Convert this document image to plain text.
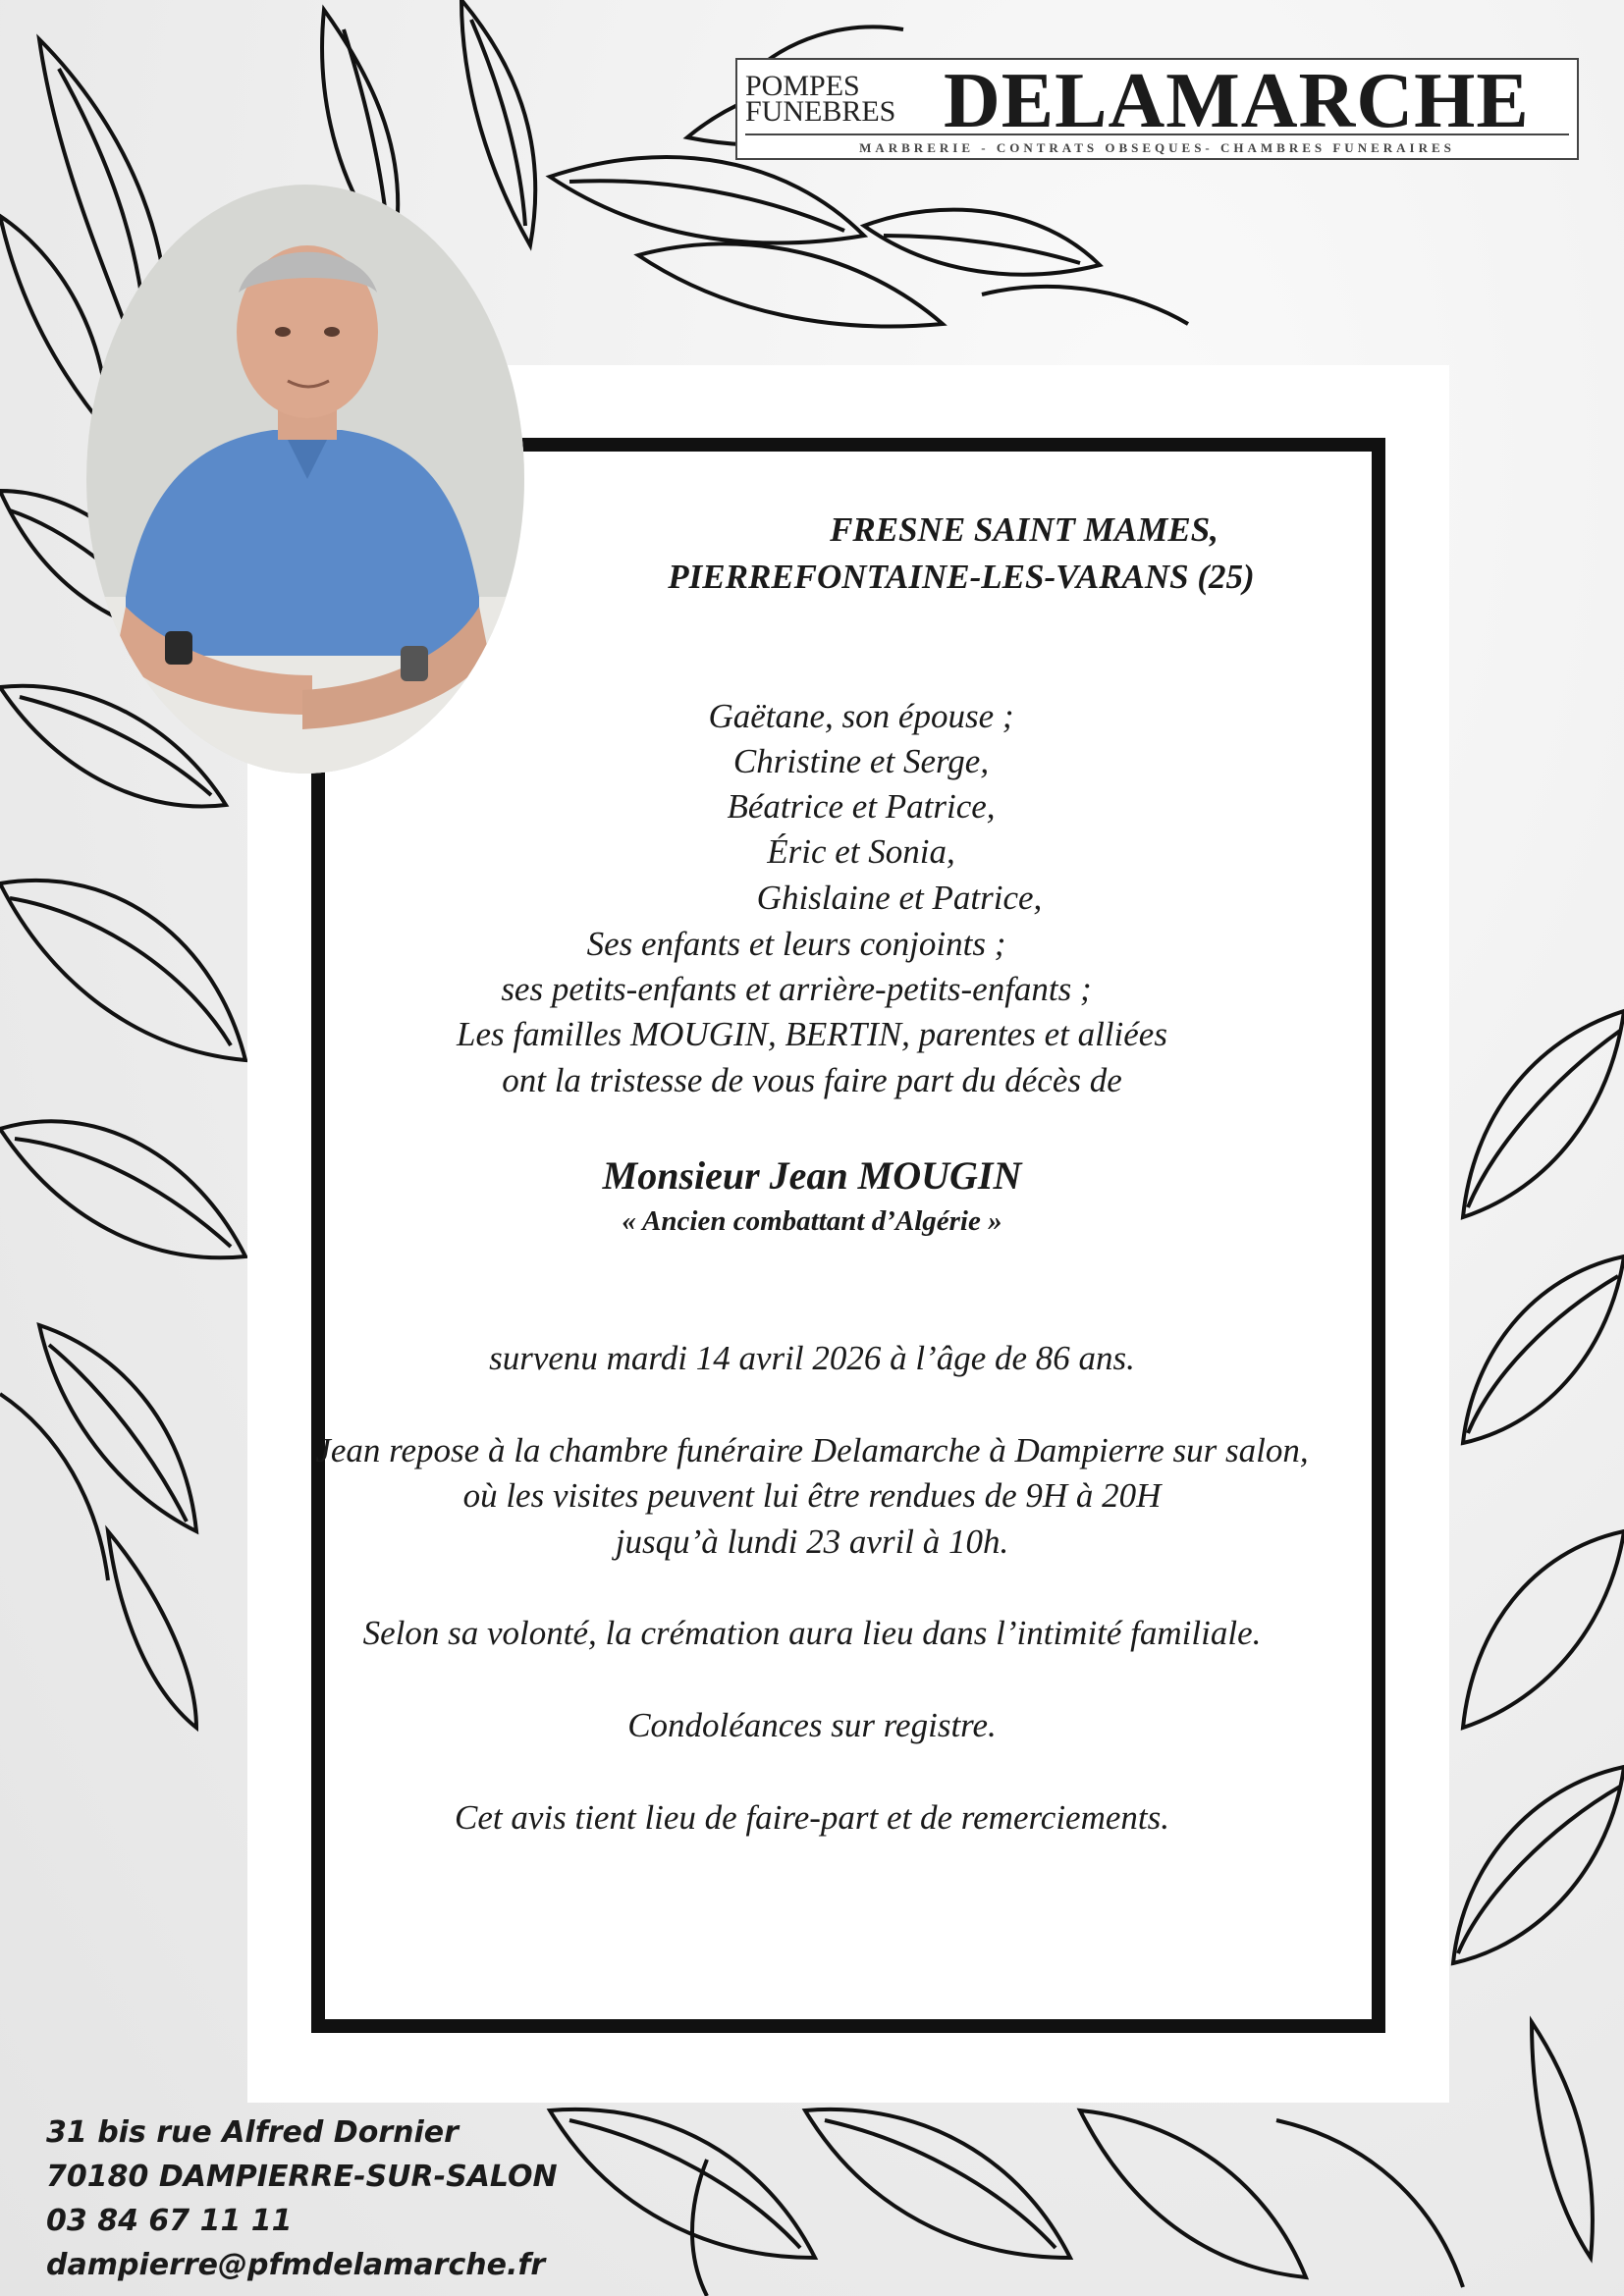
POMPES
FUNEBRES DELAMARCHE
MARBRERIE - CONTRATS OBSEQUES- CHAMBRES FUNERAIRES
FRESNE SAINT MAMES,
PIERREFONTAINE-LES-VARANS (25)
Gaëtane, son épouse ;
Christine et Serge,
Béatrice et Patrice,
Éric et Sonia,
Ghislaine et Patrice,
Ses enfants et leurs conjoints ;
ses petits-enfants et arrière-petits-enfants ;
Les familles MOUGIN, BERTIN, parentes et alliées
ont la tristesse de vous faire part du décès de
Monsieur Jean MOUGIN
« Ancien combattant d’Algérie »
survenu mardi 14 avril 2026 à l’âge de 86 ans.
Jean repose à la chambre funéraire Delamarche à Dampierre sur salon,
où les visites peuvent lui être rendues de 9H à 20H
jusqu’à lundi 23 avril à 10h.
Selon sa volonté, la crémation aura lieu dans l’intimité familiale.
Condoléances sur registre.
Cet avis tient lieu de faire-part et de remerciements.
31 bis rue Alfred Dornier
70180 DAMPIERRE-SUR-SALON
03 84 67 11 11
dampierre@pfmdelamarche.fr
